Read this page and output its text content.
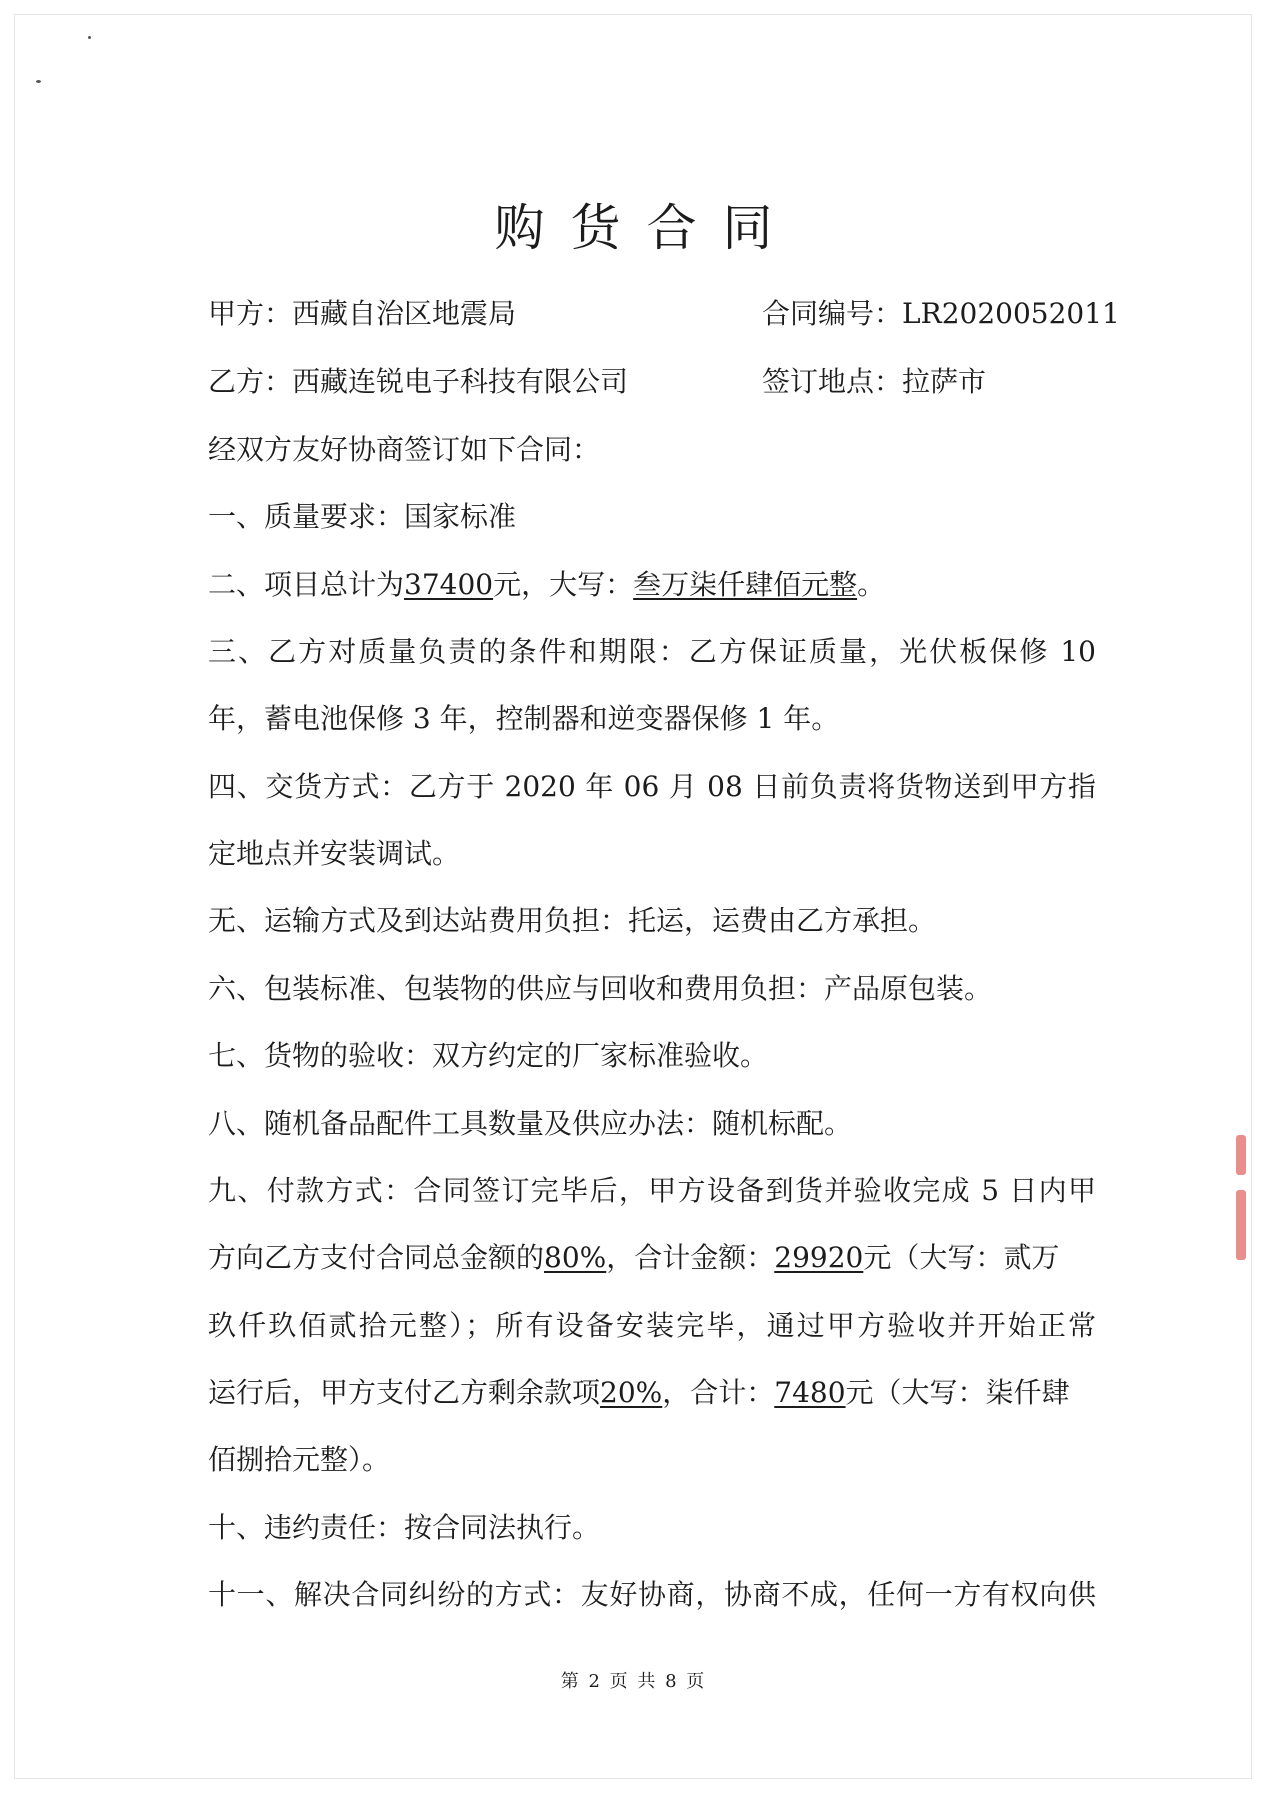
购货合同
甲方：西藏自治区地震局	合同编号：LR2020052011
乙方：西藏连锐电子科技有限公司	签订地点：拉萨市
经双方友好协商签订如下合同：
一、质量要求：国家标准
二、项目总计为37400元，大写：叁万柒仟肆佰元整。
三、乙方对质量负责的条件和期限：乙方保证质量，光伏板保修 10
年，蓄电池保修 3 年，控制器和逆变器保修 1 年。
四、交货方式：乙方于 2020 年 06 月 08 日前负责将货物送到甲方指
定地点并安装调试。
无、运输方式及到达站费用负担：托运，运费由乙方承担。
六、包装标准、包装物的供应与回收和费用负担：产品原包装。
七、货物的验收：双方约定的厂家标准验收。
八、随机备品配件工具数量及供应办法：随机标配。
九、付款方式：合同签订完毕后，甲方设备到货并验收完成 5 日内甲
方向乙方支付合同总金额的80%，合计金额：29920元（大写：贰万
玖仟玖佰贰拾元整）；所有设备安装完毕，通过甲方验收并开始正常
运行后，甲方支付乙方剩余款项20%，合计：7480元（大写：柒仟肆
佰捌拾元整）。
十、违约责任：按合同法执行。
十一、解决合同纠纷的方式：友好协商，协商不成，任何一方有权向供
第 2 页 共 8 页
